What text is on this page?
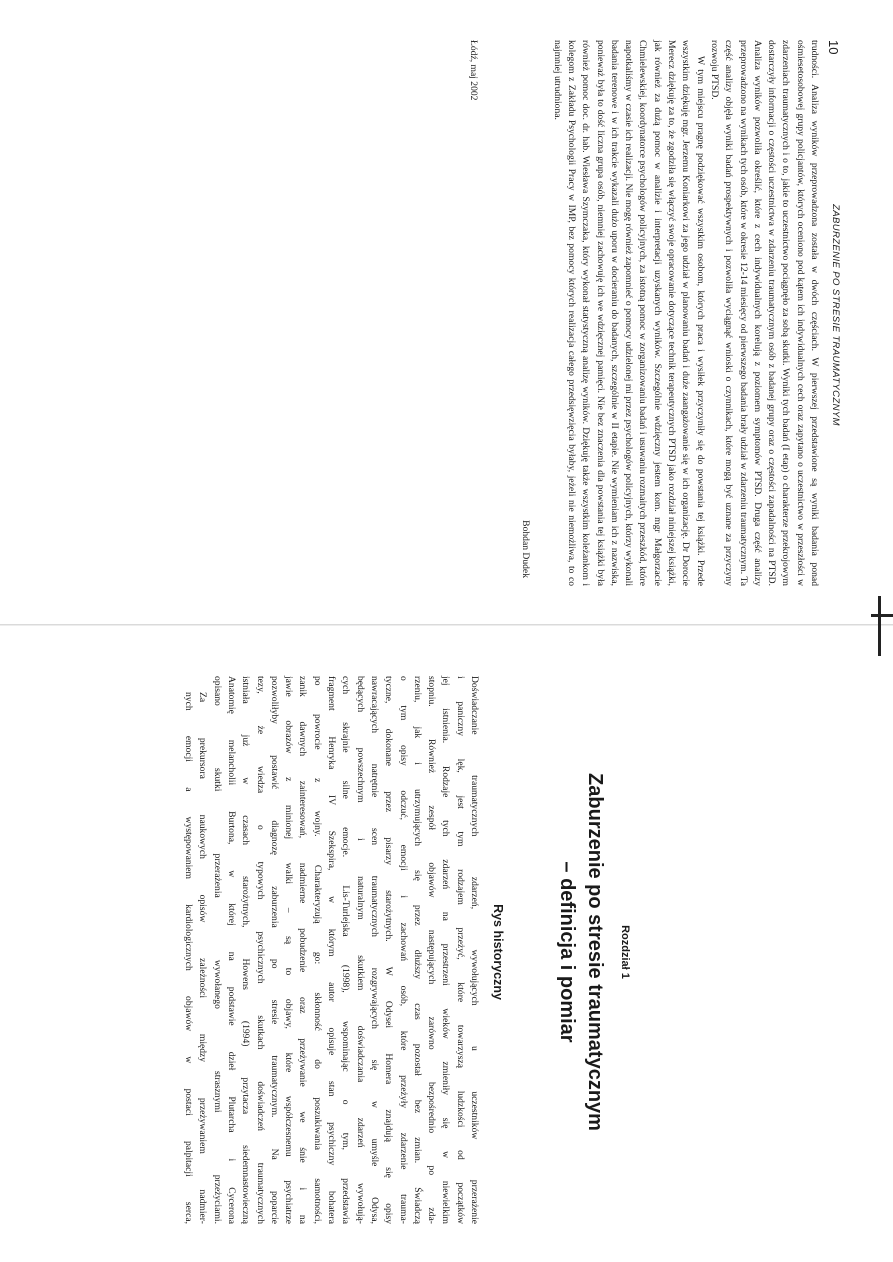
10
ZABURZENIE PO STRESIE TRAUMATYCZNYM

trudności. Analiza wyników przeprowadzona została w dwóch częściach. W pierwszej przedstawione są wyniki badania ponad ośmiesetosobowej grupy policjantów, których oceniono pod kątem ich indywidualnych cech oraz zapytano o uczestnictwo w przeszłości w zdarzeniach traumatycznych i o to, jakie to uczestnictwo pociągnęło za sobą skutki. Wyniki tych badań (I etap) o charakterze przekrojowym dostarczyły informacji o częstości uczestnictwa w zdarzeniu traumatycznym osób z badanej grupy oraz o częstości zapadalności na PTSD. Analiza wyników pozwoliła określić, które z cech indywidualnych korelują z poziomem symptomów PTSD. Druga część analizy przeprowadzono na wynikach tych osób, które w okresie 12-14 miesięcy od pierwszego badania brały udział w zdarzeniu traumatycznym. Ta część analizy objęła wyniki badań prospektywnych i pozwoliła wyciągnąć wnioski o czynnikach, które mogą być uznane za przyczyny rozwoju PTSD.

W tym miejscu pragnę podziękować wszystkim osobom, których praca i wysiłek przyczyniły się do powstania tej książki. Przede wszystkim dziękuję mgr. Jerzemu Koniarkowi za jego udział w planowaniu badań i duże zaangażowanie się w ich organizację. Dr Dorocie Merecz dziękuję za to, że zgodziła się włączyć swoje opracowanie dotyczące technik terapeutycznych PTSD jako rozdział niniejszej książki, jak również za dużą pomoc w analizie i interpretacji uzyskanych wyników. Szczególnie wdzięczny jestem kom. mgr Małgorzacie Chmielewskiej, koordynatorce psychologów policyjnych, za istotną pomoc w zorganizowaniu badań i usuwaniu rozmaitych przeszkód, które napotkaliśmy w czasie ich realizacji. Nie mogę również zapomnieć o pomocy udzielonej mi przez psychologów policyjnych, którzy wykonali badania terenowe i w ich trakcie wykazali dużo uporu w docieraniu do badanych, szczególnie w II etapie. Nie wymieniam ich z nazwiska, ponieważ była to dość liczna grupa osób, niemniej zachowuję ich we wdzięcznej pamięci. Nie bez znaczenia dla powstania tej książki była również pomoc doc. dr. hab. Wiesława Szymczaka, który wykonał statystyczną analizę wyników. Dziękuję także wszystkim koleżankom i kolegom z Zakładu Psychologii Pracy w IMP, bez pomocy których realizacja całego przedsięwzięcia byłaby, jeżeli nie niemożliwa, to co najmniej utrudniona.

Bohdan Dudek
Łódź, maj 2002
Rozdział 1
Zaburzenie po stresie traumatycznym
– definicja i pomiar
Rys historyczny
Doświadczanie traumatycznych zdarzeń, wywołujących u uczestników przerażenie
i paniczny lęk, jest tym rodzajem przeżyć, które towarzyszą ludzkości od początków
jej istnienia. Rodzaje tych zdarzeń na przestrzeni wieków zmieniły się w niewielkim
stopniu. Również zespół objawów następujących zarówno bezpośrednio po zda-
rzeniu, jak i utrzymujących się przez dłuższy czas pozostał bez zmian. Świadczą
o tym opisy odczuć, emocji i zachowań osób, które przeżyły zdarzenie trauma-
tyczne, dokonane przez pisarzy starożytnych. W Odysei Homera znajdują się opisy
nawracających natrętnie scen traumatycznych rozgrywających się w umyśle Odysa,
będących powszechnym i naturalnym skutkiem doświadczania zdarzeń wywołują-
cych skrajnie silne emocje. Lis-Turlejska (1998), wspominając o tym, przedstawia
fragment Henryka IV Szekspira, w którym autor opisuje stan psychiczny bohatera
po powrocie z wojny. Charakteryzują go: skłonność do poszukiwania samotności,
zanik dawnych zainteresowań, nadmierne pobudzenie oraz przeżywanie we śnie i na
jawie obrazów z minionej walki – są to objawy, które współczesnemu psychiatrze
pozwoliłyby postawić diagnozę zaburzenia po stresie traumatycznym. Na poparcie
tezy, że wiedza o typowych psychicznych skutkach doświadczeń traumatycznych
istniała już w czasach starożytnych, Howens (1994) przytacza siedemnastowieczną
Anatomię melancholii Burtona, w której na podstawie dzieł Plutarcha i Cycerona
opisano skutki przerażenia wywołanego strasznymi przeżyciami.
Za prekursora naukowych opisów zależności między przeżywaniem nadmier-
nych emocji a występowaniem kardiologicznych objawów w postaci palpitacji serca,
